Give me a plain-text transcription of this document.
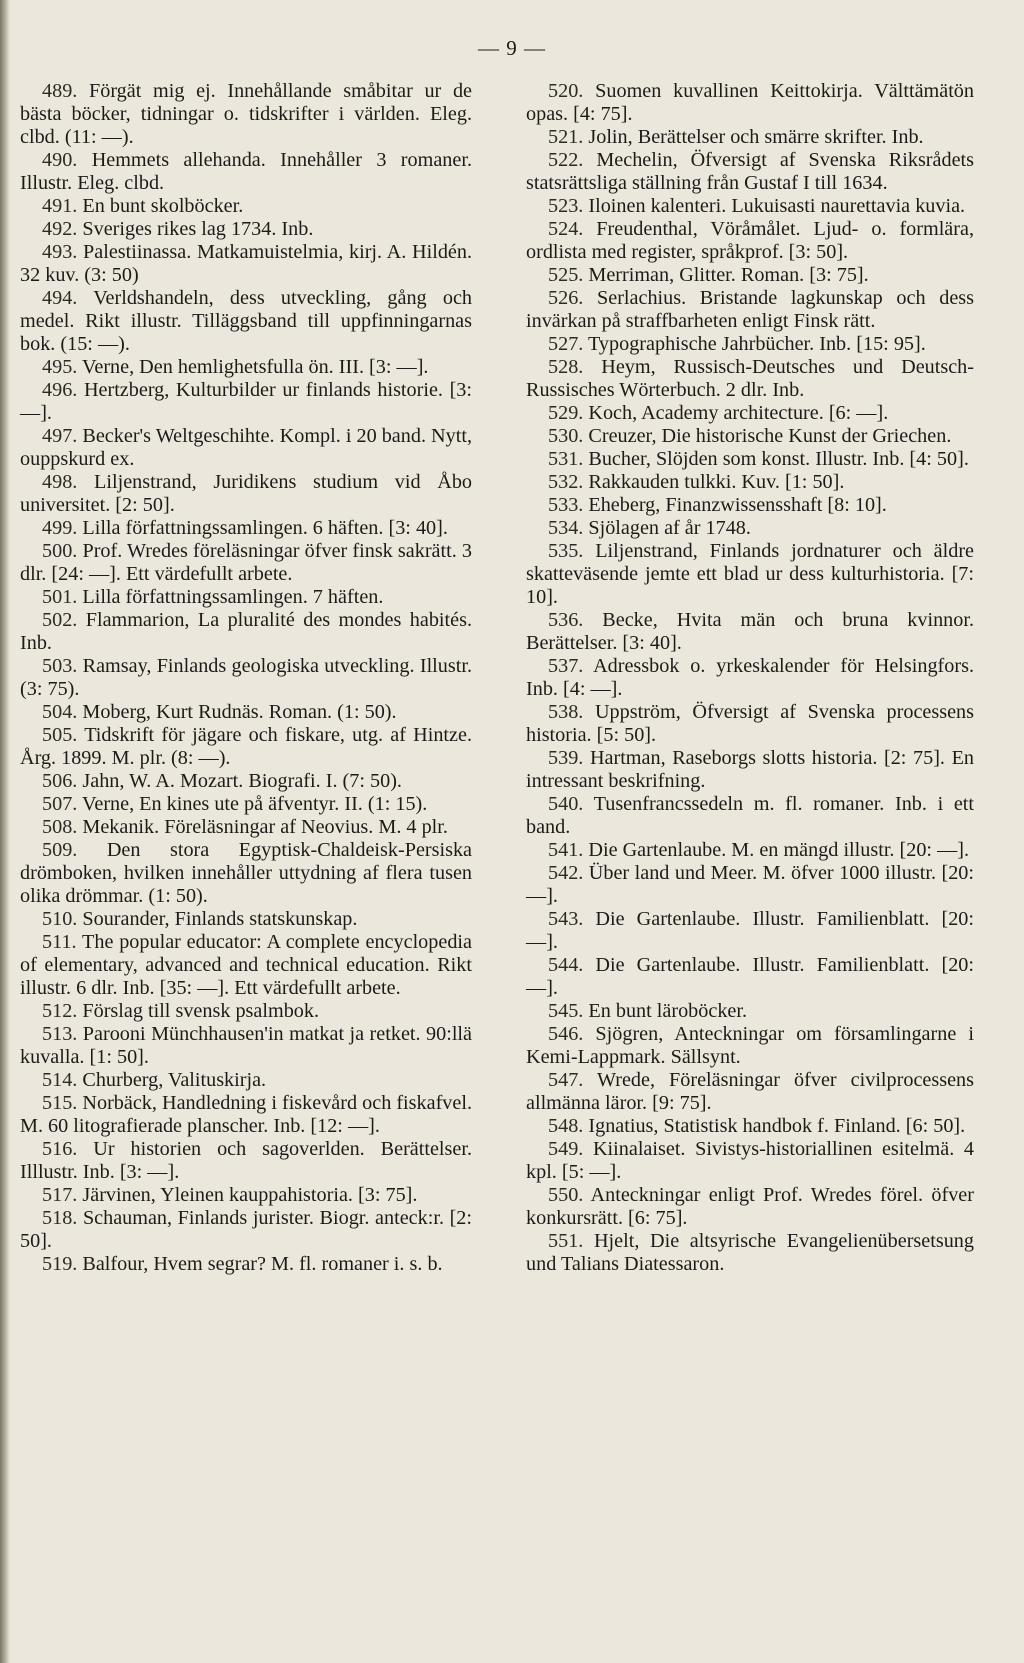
— 9 —

489. Förgät mig ej. Innehållande småbitar ur de bästa böcker, tidningar o. tidskrifter i världen. Eleg. clbd. (11: —).

490. Hemmets allehanda. Innehåller 3 romaner. Illustr. Eleg. clbd.

491. En bunt skolböcker.

492. Sveriges rikes lag 1734. Inb.

493. Palestiinassa. Matkamuistelmia, kirj. A. Hildén. 32 kuv. (3: 50)

494. Verldshandeln, dess utveckling, gång och medel. Rikt illustr. Tilläggsband till uppfinningarnas bok. (15: —).

495. Verne, Den hemlighetsfulla ön. III. [3: —].

496. Hertzberg, Kulturbilder ur finlands historie. [3: —].

497. Becker's Weltgeschihte. Kompl. i 20 band. Nytt, ouppskurd ex.

498. Liljenstrand, Juridikens studium vid Åbo universitet. [2: 50].

499. Lilla författningssamlingen. 6 häften. [3: 40].

500. Prof. Wredes föreläsningar öfver finsk sakrätt. 3 dlr. [24: —]. Ett värdefullt arbete.

501. Lilla författningssamlingen. 7 häften.

502. Flammarion, La pluralité des mondes habités. Inb.

503. Ramsay, Finlands geologiska utveckling. Illustr. (3: 75).

504. Moberg, Kurt Rudnäs. Roman. (1: 50).

505. Tidskrift för jägare och fiskare, utg. af Hintze. Årg. 1899. M. plr. (8: —).

506. Jahn, W. A. Mozart. Biografi. I. (7: 50).

507. Verne, En kines ute på äfventyr. II. (1: 15).

508. Mekanik. Föreläsningar af Neovius. M. 4 plr.

509. Den stora Egyptisk-Chaldeisk-Persiska drömboken, hvilken innehåller uttydning af flera tusen olika drömmar. (1: 50).

510. Sourander, Finlands statskunskap.

511. The popular educator: A complete encyclopedia of elementary, advanced and technical education. Rikt illustr. 6 dlr. Inb. [35: —]. Ett värdefullt arbete.

512. Förslag till svensk psalmbok.

513. Parooni Münchhausen'in matkat ja retket. 90:llä kuvalla. [1: 50].

514. Churberg, Valituskirja.

515. Norbäck, Handledning i fiskevård och fiskafvel. M. 60 litografierade planscher. Inb. [12: —].

516. Ur historien och sagoverlden. Berättelser. Illlustr. Inb. [3: —].

517. Järvinen, Yleinen kauppahistoria. [3: 75].

518. Schauman, Finlands jurister. Biogr. anteck:r. [2: 50].

519. Balfour, Hvem segrar? M. fl. romaner i. s. b.

520. Suomen kuvallinen Keittokirja. Välttämätön opas. [4: 75].

521. Jolin, Berättelser och smärre skrifter. Inb.

522. Mechelin, Öfversigt af Svenska Riksrådets statsrättsliga ställning från Gustaf I till 1634.

523. Iloinen kalenteri. Lukuisasti naurettavia kuvia.

524. Freudenthal, Vöråmålet. Ljud- o. formlära, ordlista med register, språkprof. [3: 50].

525. Merriman, Glitter. Roman. [3: 75].

526. Serlachius. Bristande lagkunskap och dess invärkan på straffbarheten enligt Finsk rätt.

527. Typographische Jahrbücher. Inb. [15: 95].

528. Heym, Russisch-Deutsches und Deutsch-Russisches Wörterbuch. 2 dlr. Inb.

529. Koch, Academy architecture. [6: —].

530. Creuzer, Die historische Kunst der Griechen.

531. Bucher, Slöjden som konst. Illustr. Inb. [4: 50].

532. Rakkauden tulkki. Kuv. [1: 50].

533. Eheberg, Finanzwissensshaft [8: 10].

534. Sjölagen af år 1748.

535. Liljenstrand, Finlands jordnaturer och äldre skatteväsende jemte ett blad ur dess kulturhistoria. [7: 10].

536. Becke, Hvita män och bruna kvinnor. Berättelser. [3: 40].

537. Adressbok o. yrkeskalender för Helsingfors. Inb. [4: —].

538. Uppström, Öfversigt af Svenska processens historia. [5: 50].

539. Hartman, Raseborgs slotts historia. [2: 75]. En intressant beskrifning.

540. Tusenfrancssedeln m. fl. romaner. Inb. i ett band.

541. Die Gartenlaube. M. en mängd illustr. [20: —].

542. Über land und Meer. M. öfver 1000 illustr. [20: —].

543. Die Gartenlaube. Illustr. Familienblatt. [20: —].

544. Die Gartenlaube. Illustr. Familienblatt. [20: —].

545. En bunt läroböcker.

546. Sjögren, Anteckningar om församlingarne i Kemi-Lappmark. Sällsynt.

547. Wrede, Föreläsningar öfver civilprocessens allmänna läror. [9: 75].

548. Ignatius, Statistisk handbok f. Finland. [6: 50].

549. Kiinalaiset. Sivistys-historiallinen esitelmä. 4 kpl. [5: —].

550. Anteckningar enligt Prof. Wredes förel. öfver konkursrätt. [6: 75].

551. Hjelt, Die altsyrische Evangelienübersetsung und Talians Diatessaron.
